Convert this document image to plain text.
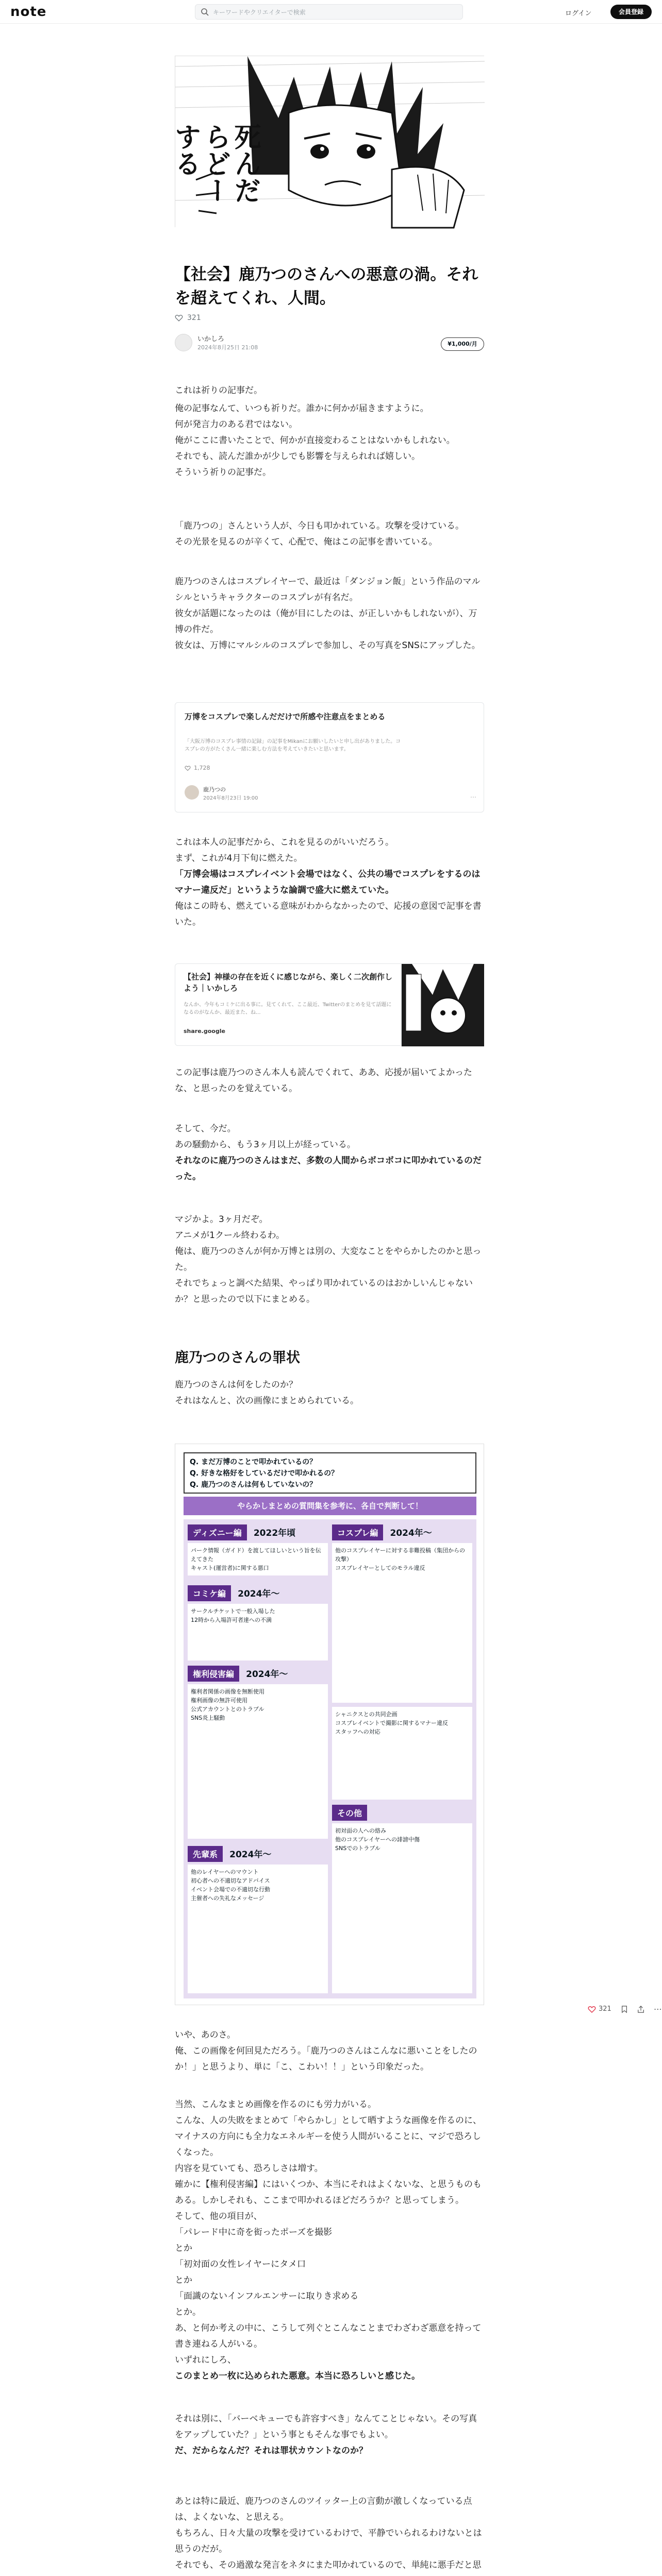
note	キーワードやクリエイターで検索	ログイン	会員登録
死んだらどーする
【社会】鹿乃つのさんへの悪意の渦。それを超えてくれ、人間。
321
いかしろ
2024年8月25日 21:08
¥1,000/月
これは祈りの記事だ。
俺の記事なんて、いつも祈りだ。誰かに何かが届きますように。
何が発言力のある君ではない。
俺がここに書いたことで、何かが直接変わることはないかもしれない。
それでも、読んだ誰かが少しでも影響を与えられれば嬉しい。
そういう祈りの記事だ。
「鹿乃つの」さんという人が、今日も叩かれている。攻撃を受けている。
その光景を見るのが辛くて、心配で、俺はこの記事を書いている。
鹿乃つのさんはコスプレイヤーで、最近は「ダンジョン飯」という作品のマルシルというキャラクターのコスプレが有名だ。
彼女が話題になったのは（俺が目にしたのは、が正しいかもしれないが）、万博の件だ。
彼女は、万博にマルシルのコスプレで参加し、その写真をSNSにアップした。
万博をコスプレで楽しんだだけで所感や注意点をまとめる
「大阪万博のコスプレ事情の記録」の記事をMikanにお願いしたいと申し出がありました。コスプレの方がたくさん一緒に楽しむ方法を考えていきたいと思います。
1,728
鹿乃つの
2024年8月23日 19:00	⋯
これは本人の記事だから、これを見るのがいいだろう。
まず、これが4月下旬に燃えた。
「万博会場はコスプレイベント会場ではなく、公共の場でコスプレをするのはマナー違反だ」というような論調で盛大に燃えていた。
俺はこの時も、燃えている意味がわからなかったので、応援の意図で記事を書いた。
【社会】神様の存在を近くに感じながら、楽しく二次創作しよう｜いかしろ
なんか、今年もコミケに出る事に。見てくれて、ここ最近、Twitterのまとめを見て話題になるのがなんか、最近また、ね...
share.google
この記事は鹿乃つのさん本人も読んでくれて、ああ、応援が届いてよかったな、と思ったのを覚えている。
そして、今だ。
あの騒動から、もう3ヶ月以上が経っている。
それなのに鹿乃つのさんはまだ、多数の人間からボコボコに叩かれているのだった。
マジかよ。3ヶ月だぞ。
アニメが1クール終わるわ。
俺は、鹿乃つのさんが何か万博とは別の、大変なことをやらかしたのかと思った。
それでちょっと調べた結果、やっぱり叩かれているのはおかしいんじゃないか？と思ったので以下にまとめる。
鹿乃つのさんの罪状
鹿乃つのさんは何をしたのか？
それはなんと、次の画像にまとめられている。
Q. まだ万博のことで叩かれているの？
Q. 好きな格好をしているだけで叩かれるの？
Q. 鹿乃つのさんは何もしていないの？
やらかしまとめの質問集を参考に、各自で判断して！
ディズニー編 2022年頃
パーク情報（ガイド）を渡してほしいという旨を伝えてきた
キャスト(運営者)に関する悪口
コスプレ編 2024年〜
他のコスプレイヤーに対する非難投稿（集団からの攻撃）
コスプレイヤーとしてのモラル違反
コミケ編 2024年〜
サークルチケットで一般入場した
12時から入場許可者達への不満
権利侵害編 2024年〜
権利者関係の画像を無断使用
権利画像の無許可使用
公式アカウントとのトラブル
SNS炎上騒動
シャニクスとの共同企画
コスプレイベントで撮影に関するマナー違反
スタッフへの対応
その他
初対面の人への絡み
他のコスプレイヤーへの誹謗中傷
SNSでのトラブル
先輩系 2024年〜
他のレイヤーへのマウント
初心者への不適切なアドバイス
イベント会場での不適切な行動
主催者への失礼なメッセージ
321	⋯
いや、あのさ。
俺、この画像を何回見ただろう。「鹿乃つのさんはこんなに悪いことをしたのか！」と思うより、単に「こ、こわい！！」という印象だった。
当然、こんなまとめ画像を作るのにも労力がいる。
こんな、人の失敗をまとめて「やらかし」として晒すような画像を作るのに、マイナスの方向にも全力なエネルギーを使う人間がいることに、マジで恐ろしくなった。
内容を見ていても、恐ろしさは増す。
確かに【権利侵害編】にはいくつか、本当にそれはよくないな、と思うものもある。しかしそれも、ここまで叩かれるほどだろうか？と思ってしまう。
そして、他の項目が、
「パレード中に奇を衒ったポーズを撮影
とか
「初対面の女性レイヤーにタメ口
とか
「面識のないインフルエンサーに取りき求める
とか。
あ、と何か考えの中に、こうして列ぐとこんなことまでわざわざ悪意を持って書き連ねる人がいる。
いずれにしろ、
このまとめ一枚に込められた悪意。本当に恐ろしいと感じた。
それは別に、「バーベキューでも許容すべき」なんてことじゃない。その写真をアップしていた？」という事ともそんな事でもよい。
だ、だからなんだ？それは罪状カウントなのか？
あとは特に最近、鹿乃つのさんのツイッター上の言動が激しくなっている点は、よくないな、と思える。
もちろん、日々大量の攻撃を受けているわけで、平静でいられるわけないとは思うのだが。
それでも、その過激な発言をネタにまた叩かれているので、単純に悪手だと思
